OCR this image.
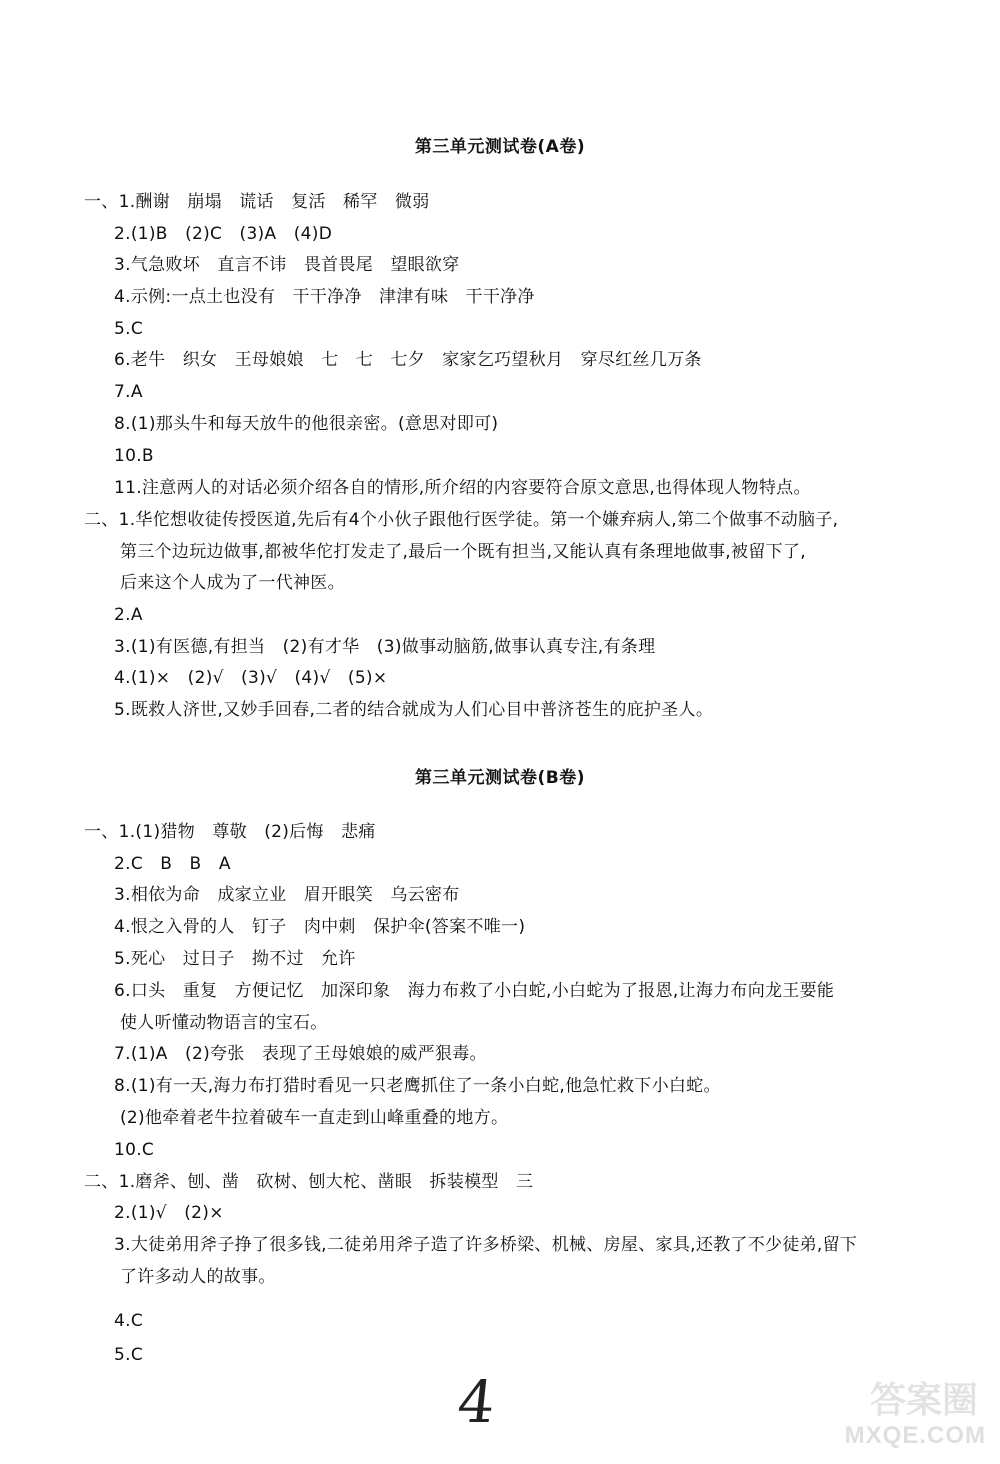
第三单元测试卷(A卷)
一、1.酬谢　崩塌　谎话　复活　稀罕　微弱
2.(1)B　(2)C　(3)A　(4)D
3.气急败坏　直言不讳　畏首畏尾　望眼欲穿
4.示例:一点土也没有　干干净净　津津有味　干干净净
5.C
6.老牛　织女　王母娘娘　七　七　七夕　家家乞巧望秋月　穿尽红丝几万条
7.A
8.(1)那头牛和每天放牛的他很亲密。(意思对即可)
10.B
11.注意两人的对话必须介绍各自的情形,所介绍的内容要符合原文意思,也得体现人物特点。
二、1.华佗想收徒传授医道,先后有4个小伙子跟他行医学徒。第一个嫌弃病人,第二个做事不动脑子,
第三个边玩边做事,都被华佗打发走了,最后一个既有担当,又能认真有条理地做事,被留下了,
后来这个人成为了一代神医。
2.A
3.(1)有医德,有担当　(2)有才华　(3)做事动脑筋,做事认真专注,有条理
4.(1)×　(2)√　(3)√　(4)√　(5)×
5.既救人济世,又妙手回春,二者的结合就成为人们心目中普济苍生的庇护圣人。
第三单元测试卷(B卷)
一、1.(1)猎物　尊敬　(2)后悔　悲痛
2.C　B　B　A
3.相依为命　成家立业　眉开眼笑　乌云密布
4.恨之入骨的人　钉子　肉中刺　保护伞(答案不唯一)
5.死心　过日子　拗不过　允许
6.口头　重复　方便记忆　加深印象　海力布救了小白蛇,小白蛇为了报恩,让海力布向龙王要能
使人听懂动物语言的宝石。
7.(1)A　(2)夸张　表现了王母娘娘的威严狠毒。
8.(1)有一天,海力布打猎时看见一只老鹰抓住了一条小白蛇,他急忙救下小白蛇。
(2)他牵着老牛拉着破车一直走到山峰重叠的地方。
10.C
二、1.磨斧、刨、凿　砍树、刨大柁、凿眼　拆装模型　三
2.(1)√　(2)×
3.大徒弟用斧子挣了很多钱,二徒弟用斧子造了许多桥梁、机械、房屋、家具,还教了不少徒弟,留下
了许多动人的故事。
4.C
5.C
4	答案圈
MXQE.COM
